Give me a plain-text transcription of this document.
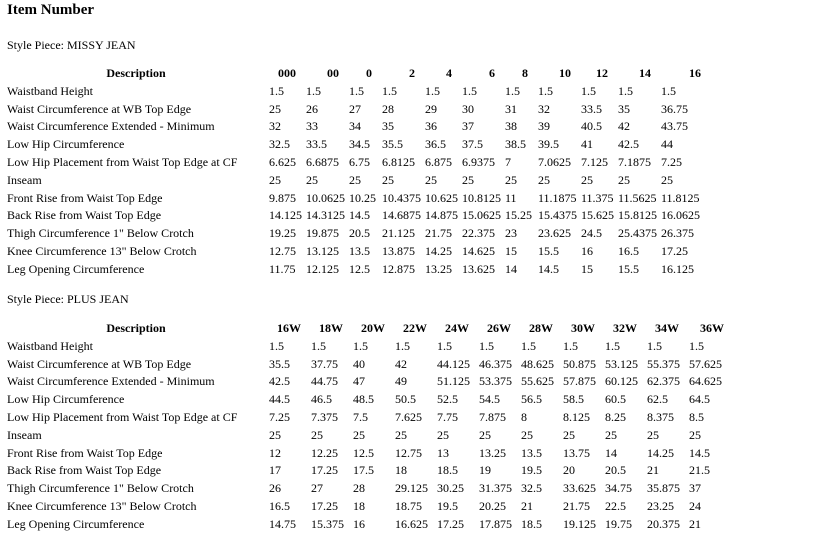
Item Number
Style Piece: MISSY JEAN
Description	000	00	0	2	4	6	8	10	12	14	16
Waistband Height	1.5	1.5	1.5	1.5	1.5	1.5	1.5	1.5	1.5	1.5	1.5
Waist Circumference at WB Top Edge	25	26	27	28	29	30	31	32	33.5	35	36.75
Waist Circumference Extended - Minimum	32	33	34	35	36	37	38	39	40.5	42	43.75
Low Hip Circumference	32.5	33.5	34.5	35.5	36.5	37.5	38.5	39.5	41	42.5	44
Low Hip Placement from Waist Top Edge at CF	6.625	6.6875	6.75	6.8125	6.875	6.9375	7	7.0625	7.125	7.1875	7.25
Inseam	25	25	25	25	25	25	25	25	25	25	25
Front Rise from Waist Top Edge	9.875	10.0625	10.25	10.4375	10.625	10.8125	11	11.1875	11.375	11.5625	11.8125
Back Rise from Waist Top Edge	14.125	14.3125	14.5	14.6875	14.875	15.0625	15.25	15.4375	15.625	15.8125	16.0625
Thigh Circumference 1" Below Crotch	19.25	19.875	20.5	21.125	21.75	22.375	23	23.625	24.5	25.4375	26.375
Knee Circumference 13" Below Crotch	12.75	13.125	13.5	13.875	14.25	14.625	15	15.5	16	16.5	17.25
Leg Opening Circumference	11.75	12.125	12.5	12.875	13.25	13.625	14	14.5	15	15.5	16.125
Style Piece: PLUS JEAN
Description	16W	18W	20W	22W	24W	26W	28W	30W	32W	34W	36W
Waistband Height	1.5	1.5	1.5	1.5	1.5	1.5	1.5	1.5	1.5	1.5	1.5
Waist Circumference at WB Top Edge	35.5	37.75	40	42	44.125	46.375	48.625	50.875	53.125	55.375	57.625
Waist Circumference Extended - Minimum	42.5	44.75	47	49	51.125	53.375	55.625	57.875	60.125	62.375	64.625
Low Hip Circumference	44.5	46.5	48.5	50.5	52.5	54.5	56.5	58.5	60.5	62.5	64.5
Low Hip Placement from Waist Top Edge at CF	7.25	7.375	7.5	7.625	7.75	7.875	8	8.125	8.25	8.375	8.5
Inseam	25	25	25	25	25	25	25	25	25	25	25
Front Rise from Waist Top Edge	12	12.25	12.5	12.75	13	13.25	13.5	13.75	14	14.25	14.5
Back Rise from Waist Top Edge	17	17.25	17.5	18	18.5	19	19.5	20	20.5	21	21.5
Thigh Circumference 1" Below Crotch	26	27	28	29.125	30.25	31.375	32.5	33.625	34.75	35.875	37
Knee Circumference 13" Below Crotch	16.5	17.25	18	18.75	19.5	20.25	21	21.75	22.5	23.25	24
Leg Opening Circumference	14.75	15.375	16	16.625	17.25	17.875	18.5	19.125	19.75	20.375	21
